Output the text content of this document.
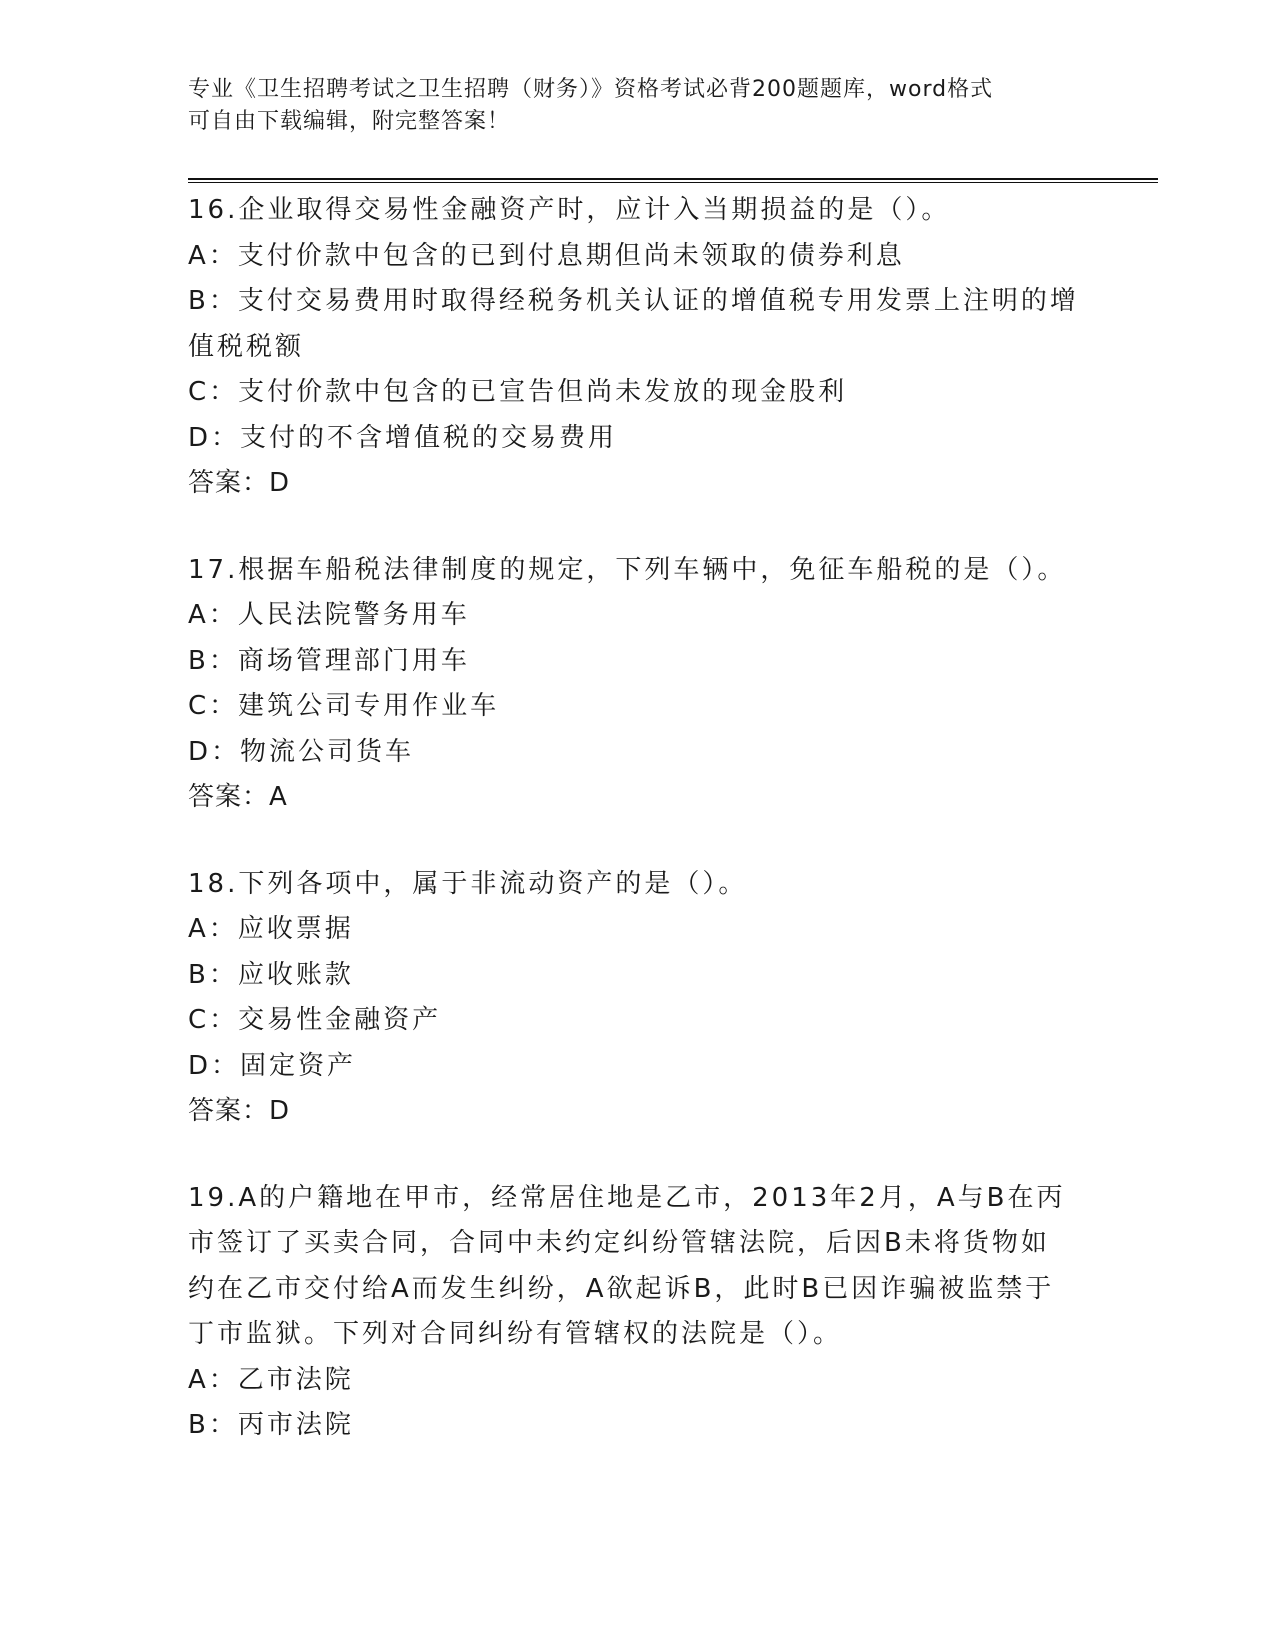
专业《卫生招聘考试之卫生招聘（财务）》资格考试必背200题题库，word格式
可自由下载编辑，附完整答案！
16.企业取得交易性金融资产时，应计入当期损益的是（）。
A：支付价款中包含的已到付息期但尚未领取的债券利息
B：支付交易费用时取得经税务机关认证的增值税专用发票上注明的增
值税税额
C：支付价款中包含的已宣告但尚未发放的现金股利
D：支付的不含增值税的交易费用
答案：D
17.根据车船税法律制度的规定，下列车辆中，免征车船税的是（）。
A：人民法院警务用车
B：商场管理部门用车
C：建筑公司专用作业车
D：物流公司货车
答案：A
18.下列各项中，属于非流动资产的是（）。
A：应收票据
B：应收账款
C：交易性金融资产
D：固定资产
答案：D
19.A的户籍地在甲市，经常居住地是乙市，2013年2月，A与B在丙
市签订了买卖合同，合同中未约定纠纷管辖法院，后因B未将货物如
约在乙市交付给A而发生纠纷，A欲起诉B，此时B已因诈骗被监禁于
丁市监狱。下列对合同纠纷有管辖权的法院是（）。
A：乙市法院
B：丙市法院
